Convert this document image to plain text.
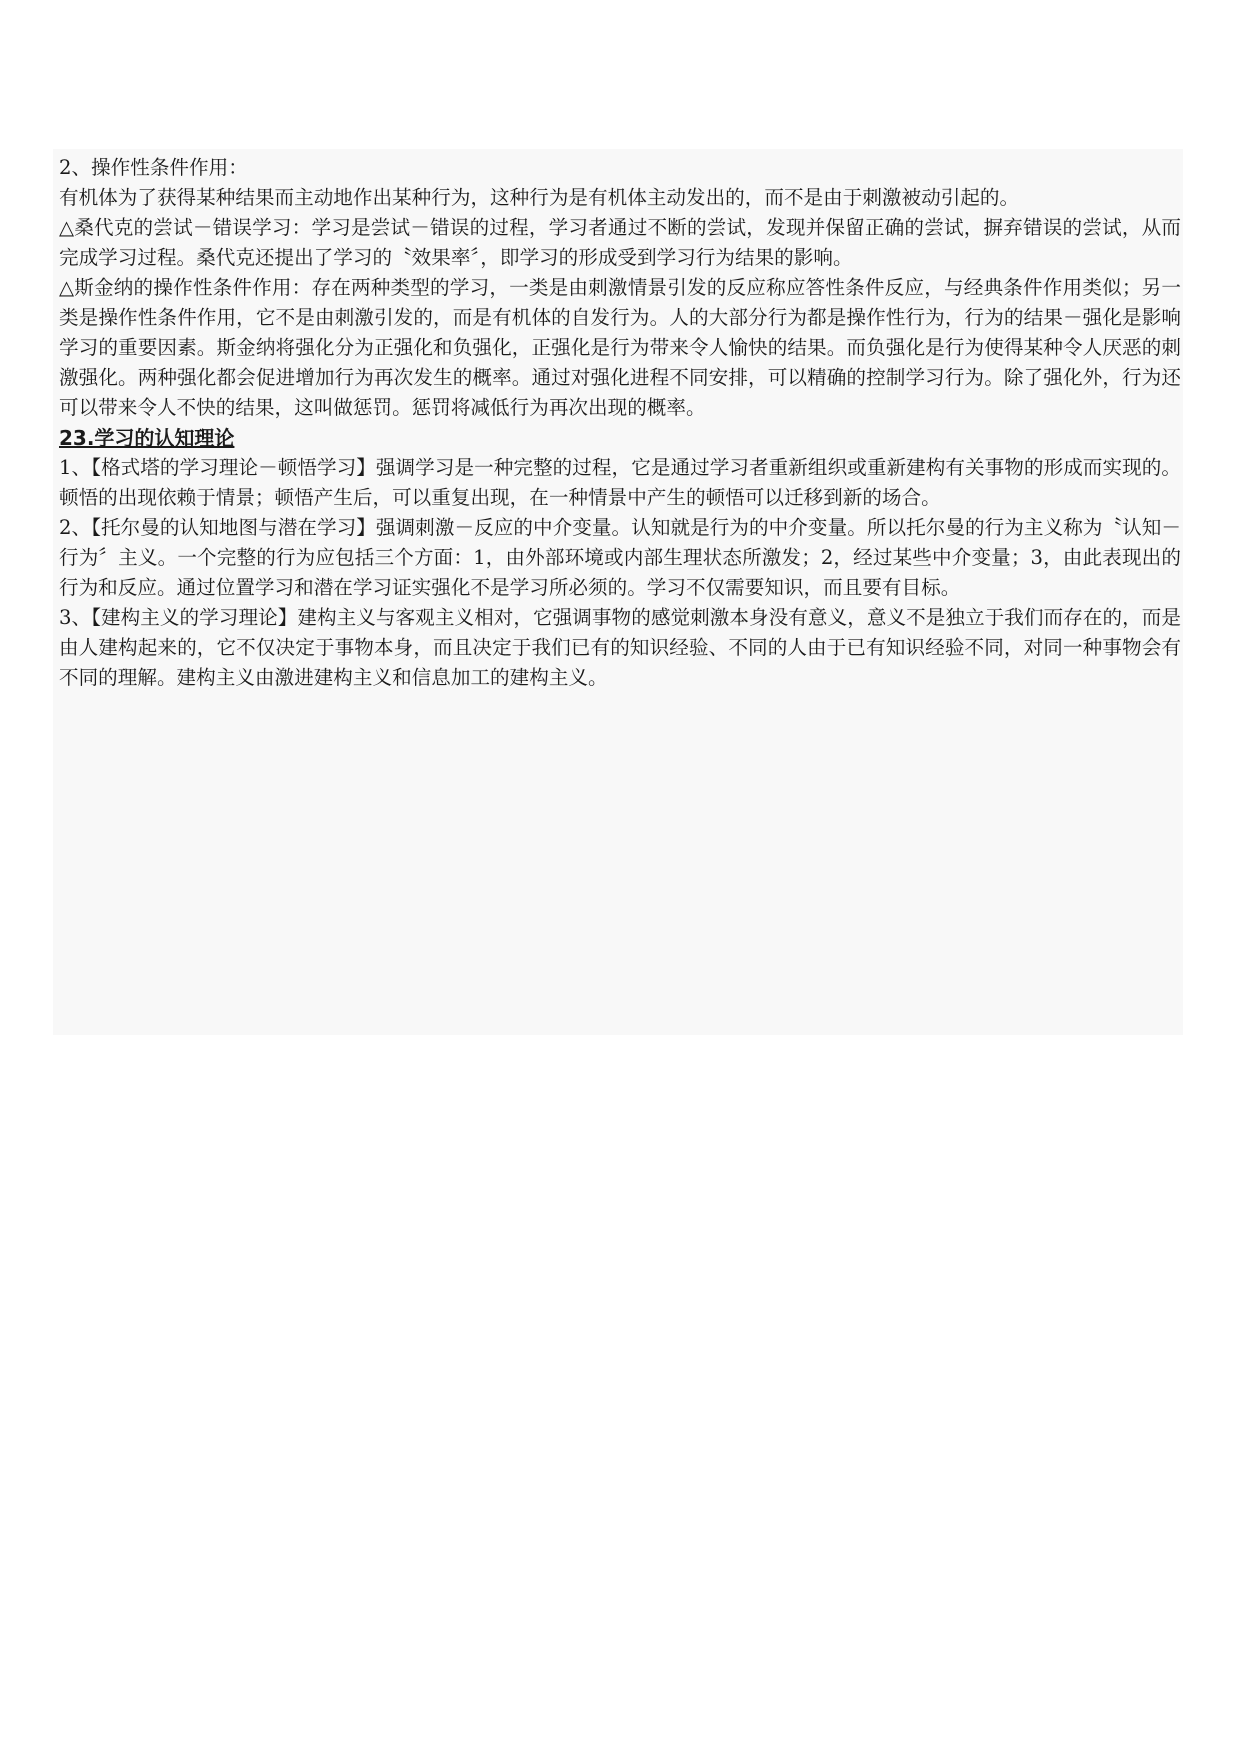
2、操作性条件作用：

有机体为了获得某种结果而主动地作出某种行为，这种行为是有机体主动发出的，而不是由于刺激被动引起的。

△桑代克的尝试－错误学习：学习是尝试－错误的过程，学习者通过不断的尝试，发现并保留正确的尝试，摒弃错误的尝试，从而完成学习过程。桑代克还提出了学习的〝效果率〞，即学习的形成受到学习行为结果的影响。

△斯金纳的操作性条件作用：存在两种类型的学习，一类是由刺激情景引发的反应称应答性条件反应，与经典条件作用类似；另一类是操作性条件作用，它不是由刺激引发的，而是有机体的自发行为。人的大部分行为都是操作性行为，行为的结果－强化是影响学习的重要因素。斯金纳将强化分为正强化和负强化，正强化是行为带来令人愉快的结果。而负强化是行为使得某种令人厌恶的刺激强化。两种强化都会促进增加行为再次发生的概率。通过对强化进程不同安排，可以精确的控制学习行为。除了强化外，行为还可以带来令人不快的结果，这叫做惩罚。惩罚将减低行为再次出现的概率。

23.学习的认知理论

1、【格式塔的学习理论－顿悟学习】强调学习是一种完整的过程，它是通过学习者重新组织或重新建构有关事物的形成而实现的。顿悟的出现依赖于情景；顿悟产生后，可以重复出现，在一种情景中产生的顿悟可以迁移到新的场合。

2、【托尔曼的认知地图与潜在学习】强调刺激－反应的中介变量。认知就是行为的中介变量。所以托尔曼的行为主义称为〝认知－行为〞主义。一个完整的行为应包括三个方面：1，由外部环境或内部生理状态所激发；2，经过某些中介变量；3，由此表现出的行为和反应。通过位置学习和潜在学习证实强化不是学习所必须的。学习不仅需要知识，而且要有目标。

3、【建构主义的学习理论】建构主义与客观主义相对，它强调事物的感觉刺激本身没有意义，意义不是独立于我们而存在的，而是由人建构起来的，它不仅决定于事物本身，而且决定于我们已有的知识经验、不同的人由于已有知识经验不同，对同一种事物会有不同的理解。建构主义由激进建构主义和信息加工的建构主义。
